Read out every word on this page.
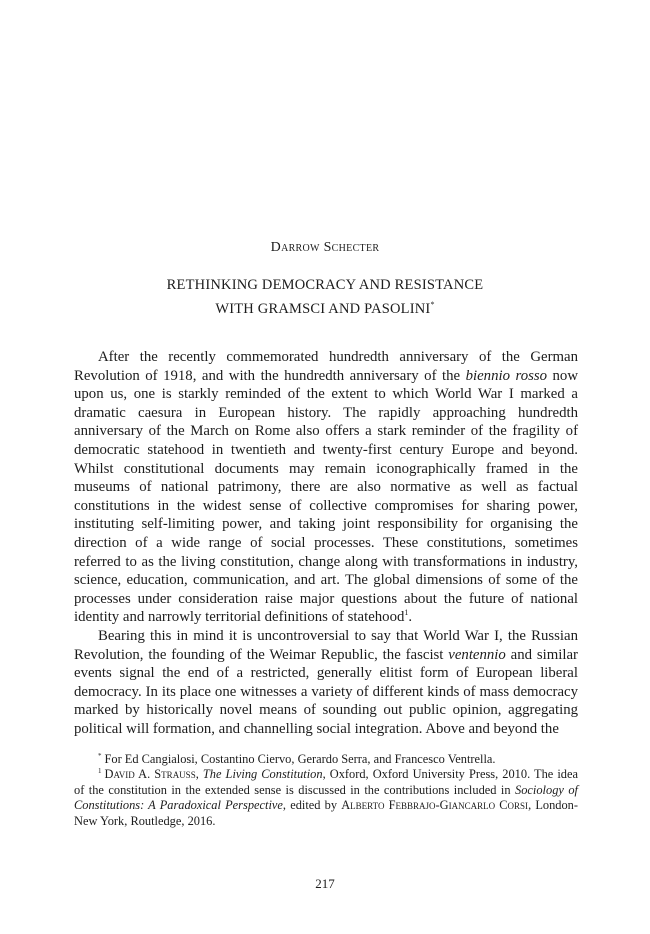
Darrow Schecter
RETHINKING DEMOCRACY AND RESISTANCE
WITH GRAMSCI AND PASOLINI*

After the recently commemorated hundredth anniversary of the German Revolution of 1918, and with the hundredth anniversary of the biennio rosso now upon us, one is starkly reminded of the extent to which World War I marked a dramatic caesura in European history. The rapidly approaching hundredth anniversary of the March on Rome also offers a stark reminder of the fragility of democratic statehood in twentieth and twenty-first century Europe and beyond. Whilst constitutional documents may remain iconographically framed in the museums of national patrimony, there are also normative as well as factual constitutions in the widest sense of collective compromises for sharing power, instituting self-limiting power, and taking joint responsibility for organising the direction of a wide range of social processes. These constitutions, sometimes referred to as the living constitution, change along with transformations in industry, science, education, communication, and art. The global dimensions of some of the processes under consideration raise major questions about the future of national identity and narrowly territorial definitions of statehood$^1$.

Bearing this in mind it is uncontroversial to say that World War I, the Russian Revolution, the founding of the Weimar Republic, the fascist ventennio and similar events signal the end of a restricted, generally elitist form of European liberal democracy. In its place one witnesses a variety of different kinds of mass democracy marked by historically novel means of sounding out public opinion, aggregating political will formation, and channelling social integration. Above and beyond the

* For Ed Cangialosi, Costantino Ciervo, Gerardo Serra, and Francesco Ventrella.

$^1$ David A. Strauss, The Living Constitution, Oxford, Oxford University Press, 2010. The idea of the constitution in the extended sense is discussed in the contributions included in Sociology of Constitutions: A Paradoxical Perspective, edited by Alberto Febbrajo-Giancarlo Corsi, London-New York, Routledge, 2016.

217
